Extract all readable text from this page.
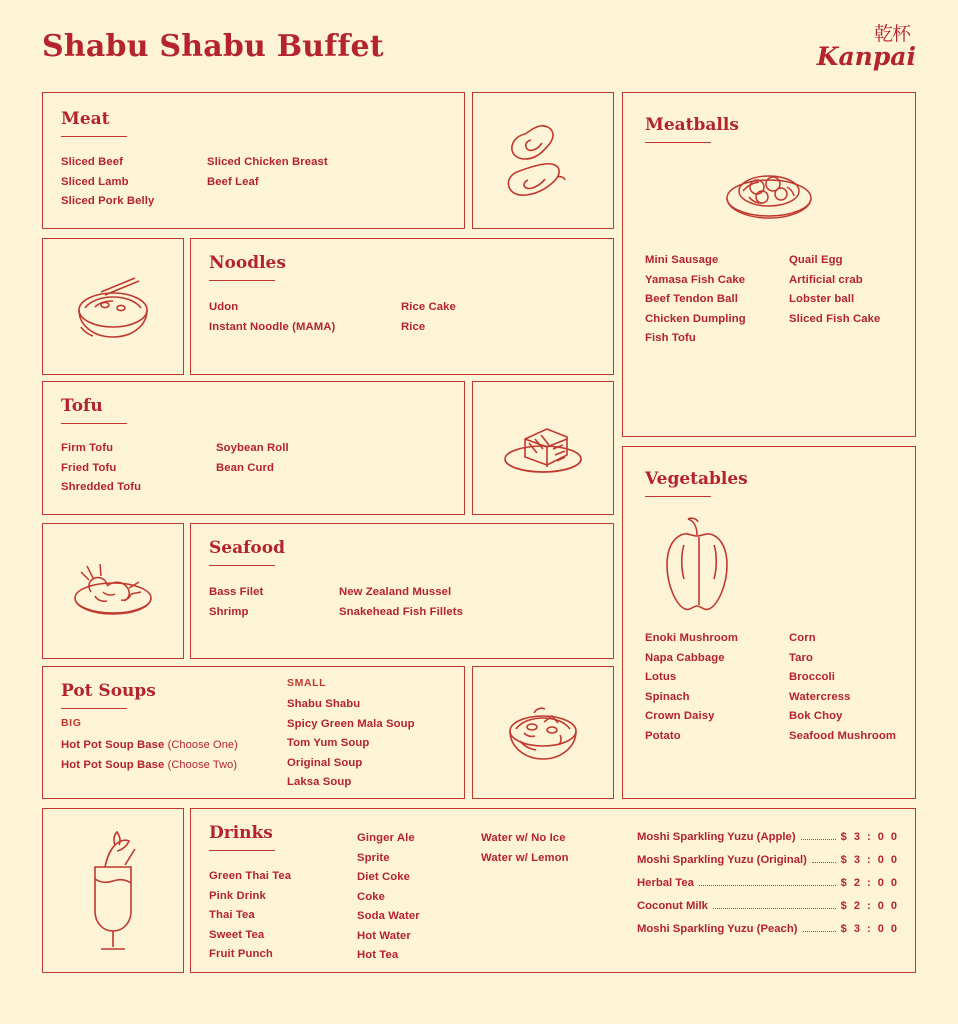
Shabu Shabu Buffet	乾杯
Kanpai
Meat
Sliced Beef
Sliced Lamb
Sliced Pork Belly
Sliced Chicken Breast
Beef Leaf
Noodles
Udon
Instant Noodle (MAMA)
Rice Cake
Rice
Tofu
Firm Tofu
Fried Tofu
Shredded Tofu
Soybean Roll
Bean Curd
Seafood
Bass Filet
Shrimp
New Zealand Mussel
Snakehead Fish Fillets
Pot Soups
BIG
Hot Pot Soup Base (Choose One)
Hot Pot Soup Base (Choose Two)
SMALL
Shabu Shabu
Spicy Green Mala Soup
Tom Yum Soup
Original Soup
Laksa Soup
Meatballs
Mini Sausage
Yamasa Fish Cake
Beef Tendon Ball
Chicken Dumpling
Fish Tofu
Quail Egg
Artificial crab
Lobster ball
Sliced Fish Cake
Vegetables
Enoki Mushroom
Napa Cabbage
Lotus
Spinach
Crown Daisy
Potato
Corn
Taro
Broccoli
Watercress
Bok Choy
Seafood Mushroom
Drinks
Green Thai Tea
Pink Drink
Thai Tea
Sweet Tea
Fruit Punch
Ginger Ale
Sprite
Diet Coke
Coke
Soda Water
Hot Water
Hot Tea
Water w/ No Ice
Water w/ Lemon
Moshi Sparkling Yuzu (Apple)	$ 3 : 0 0
Moshi Sparkling Yuzu (Original)	$ 3 : 0 0
Herbal Tea	$ 2 : 0 0
Coconut Milk	$ 2 : 0 0
Moshi Sparkling Yuzu (Peach)	$ 3 : 0 0
